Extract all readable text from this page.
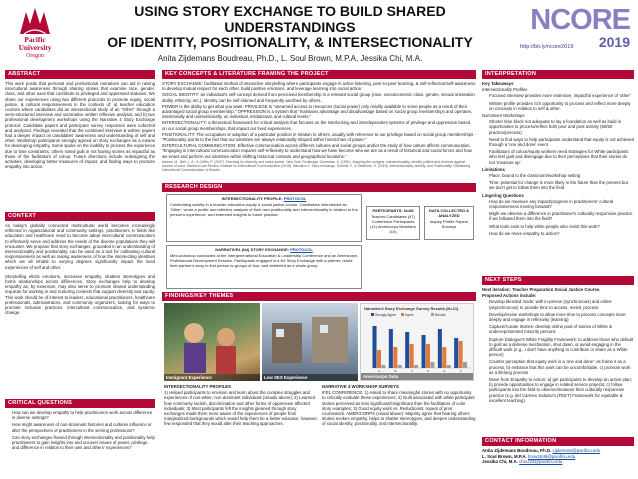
Pacific
University
Oregon
USING STORY EXCHANGE TO BUILD SHARED UNDERSTANDINGS
OF IDENTITY, POSITIONALITY, & INTERSECTIONALITY
Anita Zijdemans Boudreau, Ph.D., L. Soul Brown, M.P.A, Jessika Chi, M.A.
NCORE
2019
http://bit.ly/ncore2019
ABSTRACT

This work posits that personal and professional narratives can aid in raising intercultural awareness through sharing stories that examine race, gender, class, and other axes that contribute to privileged and oppressed statuses. We share our experiences using two different protocols to promote equity, social justice, & cultural responsiveness in the contexts of: a) teacher education courses where candidates did an intersectional study of an "Other" through a semi-structured interview and summative written reflexive analysis; and b) two professional development workshops using the Narrative 4 Story Exchange protocol. Candidate papers and participant survey responses were collected and analyzed. Findings revealed that the combined interview & written papers had a deeper impact on candidates' awareness and understanding of self and other. Workshop participants strongly agreed on story exchanges as a means for developing empathy. Some spoke on the inability to process the experience due to time constraints; others noted guilt in not having stories as impactful as those of the facilitators of colour. Future directions include redesigning the activities, developing better measures of impact, and finding ways to promote empathy into action.

CONTEXT

As today's globally connected multicultural world becomes increasingly reflected in organizational and community settings, practitioners in fields like education and healthcare need to become adept intercultural communicators to effectively serve and address the needs of the diverse populations they will encounter. We propose that story exchanges, grounded in an understanding of intersectionality and positionality, can be used as a tool for cultivating cultural responsiveness as well as raising awareness of how the intersecting identities which we all inhabit to varying degrees significantly impact the lived experiences of self and other.

Storytelling elicits emotions, increases empathy, shatters stereotypes and forms relationships across differences. Story exchanges help to develop empathy as, by extension, may also serve to promote shared understanding requisite for working in and nurturing contexts that support diversity and equity. This work should be of interest to leaders, educational practitioners, healthcare professionals, administrators, and community organizers, looking for ways to promote inclusive practices, intercultural communication, and systemic change.

CRITICAL QUESTIONS
• How can we develop empathy to help practitioners work across difference in diverse settings?
• How might awareness of non-dominant histories and cultures influence or alter the perspectives of practitioners in the serving professions?
• Can story exchanges framed through intersectionality and positionality help practitioners to gain insights into and uncover issues of power, privilege, and difference in relation to their own and others' experiences?
KEY CONCEPTS & LITERATURE FRAMING THE PROJECT

STORY EXCHANGE: facilitated method of interactive storytelling where participants engage in active listening, peer-to-peer learning, & self-reflection/self-awareness to develop mutual respect for each other, build positive emotions, and leverage learning into social action.

SOCIAL IDENTITY: an individual's self-concept derived from perceived membership in a relevant social group (race, socioeconomic class, gender, sexual orientation, ability, ethnicity, etc.). Identity can be self-claimed and frequently ascribed by others.

POWER is the ability to get what you want. PRIVILEGE is "unearned access to resources (social power) only readily available to some people as a result of their advantaged social group membership." OPPRESSION is a system that "maintains advantage and disadvantage based on social group memberships and operates, intentionally and unintentionally, on individual, institutional, and cultural levels."

INTERSECTIONALITY: a theoretical framework for critical analysis that focuses on the interlocking and interdependent systems of privilege and oppression based on our social group memberships, that impact our lived experiences.

POSITIONALITY: The occupation or adoption of a particular position in relation to others, usually with reference to our privilege based on social group memberships - "Positionality points to the fact that our identities are always relationally shaped within hierarchies of power."

INTERCULTURAL COMMUNICATION: Effective communication across different cultures and social groups and/or the study of how culture affects communication. "Engaging in intercultural communication requires self-reflexivity to understand how we have become who we are as a result of historical and social forces and how we enact and perform our identities within shifting historical contexts and geographical locations."

Adams, M., Bell, L. A., & Griffin, P. (2007). Teaching for diversity and social justice. New York: Routledge. Crenshaw, K. (1991). Mapping the margins: Intersectionality, identity politics and violence against women of color. Stanford Law Review. Institute for Intercultural Communication (2018). Narrative 4. Story exchange. Sorrells, K. & Sekimoto, S. (2015). Intersectionality, identity, and Positionality. Globalizing Intercultural Communication: A Reader.

RESEARCH DESIGN
INTERSECTIONALITY PROFILE: PROTOCOL
Culminating activity in a teacher education equity & social justice course. Candidates interviewed an 'Other,' wrote a profile and reflexive analysis of their own positionality and intersectionality in relation to the person's experience, and extended insights to future practice.
PARTICIPANTS: N=68
Teacher Candidates (47) Conference Participants (11) Americorps Members (10)
DATA COLLECTED & ANALYZED
Inquiry Profile Papers Surveys
NARRATIVE4 (N4) STORY EXCHANGE: PROTOCOL
Mini-workshop conducted at the Intergenerational Education & Leadership Conference and an Americorps Professional Development Session. Participants engaged in a N4 Story Exchange with a partner, retold their partner's story in first person to groups of four, and debriefed as a whole group.
FINDINGS/KEY THEMES
Immigrant Experience	Low SES Experience
Narrative4 Story Exchange Survey Results (N=21)
Strongly Agree	Agree	Neutral
A	B	C	D	E	F
Americorps Data

INTERSECTIONALITY PROFILES

1) Helped participants to envision and learn about the complex struggles and experiences of non-white, non-dominant individuals (visuals above); 2) Learned how commonly racism, discrimination and other forms of oppression affected individuals; 3) Most participants felt the insights gleaned through story exchanges made them more aware of the experiences of people from marginalized backgrounds which would help them be a better educator, however, few responded that they would alter their teaching approaches.

NARRATIVE 4 WORKSHOP SURVEYS

IFEL CONFERENCE: 1) Asked to share meaningful stories with no opportunity to critically evaluate these experiences; 2) Guilt associated with white participant stories perceived as less significant/insignificant than the facilitators of color story examples; 3) Good equity work vs. Reductionist, repeat of prior coursework. AMERICORPS (visual above): Majority agree that hearing others stories evokes empathy, helps to shatter stereotypes, and deepen understanding of social identity, positionality, and intersectionality.

INTERPRETATION

Key Takeaways

Intersectionality Profiles

• Focused interview provides more extensive, impactful experience of 'other'
• Written profile provides rich opportunity to process and reflect more deeply on concepts in relation to self & other.

Narrative4 Workshops

• Shorter time block not adequate to lay a foundation as well as build in opportunities to process/reflect both prior and post activity (50/50 practice/process)
• Need to find ways to help participants understand that equity is not achieved through a 'one and done' event
• Facilitators of colour/equity workers need strategies for White participants who feel guilt and disengage due to their perceptions that their stories do not 'measure up'.

Limitations

• Place: bound to the classroom/workshop setting
• Time: potential for change is more likely in the future than the present but we don't get to follow them into the field.

Lingering Questions

• How do we measure any impact/progress in practitioners' cultural responsiveness moving forward?
• Might we observe a difference in practitioner's culturally responsive practice if we followed them into the field?
• What tools exist to help white people who resist this work?
• How do we move empathy to action?
NEXT STEPS

Next iteration: Teacher Preparation Social Justice Course.

Proposed Actions include:

• Develop blended mode: with in-person (synchronous) and online (asynchronous) to provide time to access, revisit, process
• Develop/revise workshops to allow more time to process concepts more deeply and engage in reflexivity (learning)
• Capture/Curate Stories: develop online pool of stories of White & underrepresented minority persons
• Explore Dialogue's White Fragility Framework: to address those who default to guilt as a defense mechanism, shut down, or avoid engaging in the difficult work (e.g., I don't have anything to contribute or share as a White person)
• Counter perception that equity work is a 'one and done': as frame it as a process, b) embrace that this work can be uncomfortable, c) promote work as a lifelong process
• Move from Empathy to Action: a) get participants to develop an action plan; b) provide opportunities to engage in related service projects; c) follow participants into the field to observe/measure their culturally responsive practice (e.g. del Carmen Salazar's (FEET) Framework for equitable & excellent teaching).
CONTACT INFORMATION
Anita Zijdemans Boudreau, Ph.D. zijdemans@pacificu.edu
L. Soul Brown, M.P.A. brow1849@pacificu.edu
Jessika Chi, M.A. chi1223@pacificu.edu
